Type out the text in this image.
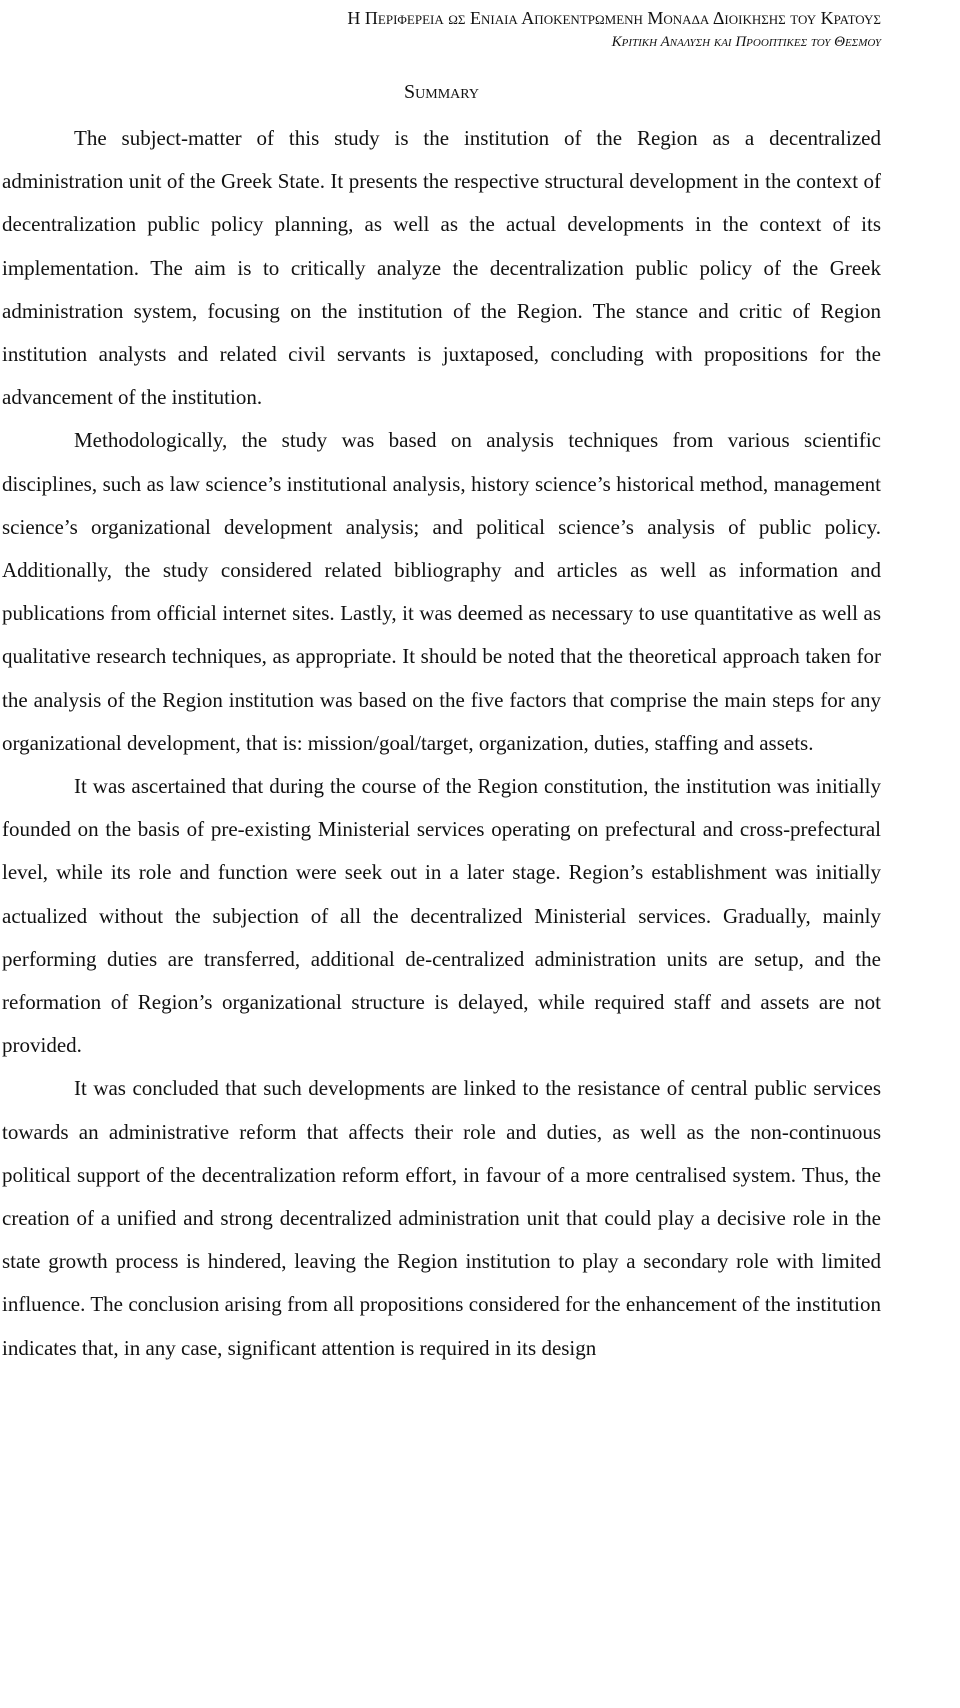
Η Περιφερεια ως Ενιαια Αποκεντρωμενη Μοναδα Διοικησης του Κρατους
Κριτικη Αναλυση και Προοπτικες του Θεσμου
Summary

The subject-matter of this study is the institution of the Region as a decentralized administration unit of the Greek State. It presents the respective structural development in the context of decentralization public policy planning, as well as the actual developments in the context of its implementation. The aim is to critically analyze the decentralization public policy of the Greek administration system, focusing on the institution of the Region. The stance and critic of Region institution analysts and related civil servants is juxtaposed, concluding with propositions for the advancement of the institution.

Methodologically, the study was based on analysis techniques from various scientific disciplines, such as law science’s institutional analysis, history science’s historical method, management science’s organizational development analysis; and political science’s analysis of public policy. Additionally, the study considered related bibliography and articles as well as information and publications from official internet sites. Lastly, it was deemed as necessary to use quantitative as well as qualitative research techniques, as appropriate. It should be noted that the theoretical approach taken for the analysis of the Region institution was based on the five factors that comprise the main steps for any organizational development, that is: mission/goal/target, organization, duties, staffing and assets.

It was ascertained that during the course of the Region constitution, the institution was initially founded on the basis of pre-existing Ministerial services operating on prefectural and cross-prefectural level, while its role and function were seek out in a later stage. Region’s establishment was initially actualized without the subjection of all the decentralized Ministerial services. Gradually, mainly performing duties are transferred, additional de-centralized administration units are setup, and the reformation of Region’s organizational structure is delayed, while required staff and assets are not provided.

It was concluded that such developments are linked to the resistance of central public services towards an administrative reform that affects their role and duties, as well as the non-continuous political support of the decentralization reform effort, in favour of a more centralised system. Thus, the creation of a unified and strong decentralized administration unit that could play a decisive role in the state growth process is hindered, leaving the Region institution to play a secondary role with limited influence. The conclusion arising from all propositions considered for the enhancement of the institution indicates that, in any case, significant attention is required in its design
